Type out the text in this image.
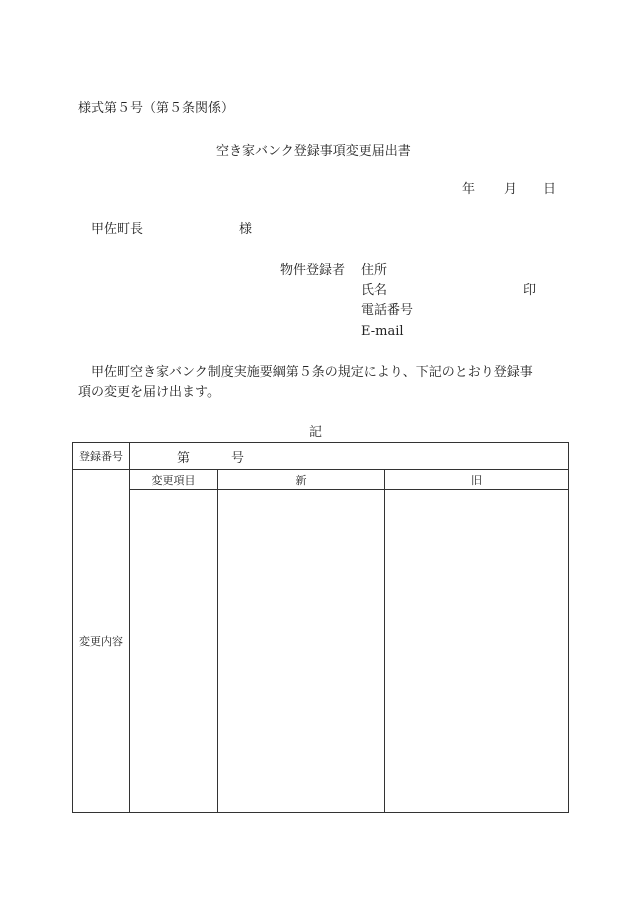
様式第５号（第５条関係）
空き家バンク登録事項変更届出書
年 月 日
甲佐町長	様
物件登録者 住所
氏名	印
電話番号
E-mail
甲佐町空き家バンク制度実施要綱第５条の規定により、下記のとおり登録事
項の変更を届け出ます。
記
登録番号	第 号		
変更内容	変更項目	新	旧
